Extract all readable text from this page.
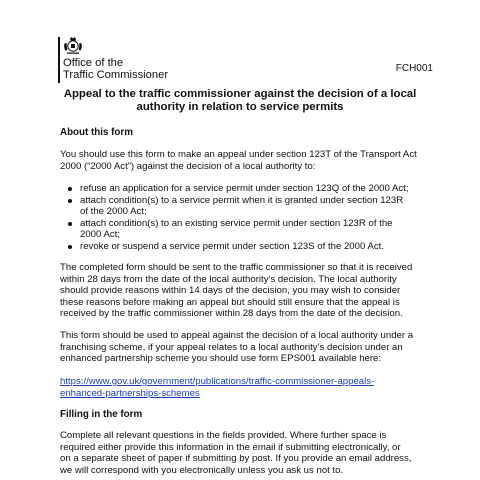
Office of the
Traffic Commissioner
FCH001
Appeal to the traffic commissioner against the decision of a local
authority in relation to service permits
About this form
You should use this form to make an appeal under section 123T of the Transport Act
2000 (“2000 Act”) against the decision of a local authority to:
refuse an application for a service permit under section 123Q of the 2000 Act;
attach condition(s) to a service permit when it is granted under section 123R
of the 2000 Act;
attach condition(s) to an existing service permit under section 123R of the
2000 Act;
revoke or suspend a service permit under section 123S of the 2000 Act.
The completed form should be sent to the traffic commissioner so that it is received
within 28 days from the date of the local authority’s decision. The local authority
should provide reasons within 14 days of the decision, you may wish to consider
these reasons before making an appeal but should still ensure that the appeal is
received by the traffic commissioner within 28 days from the date of the decision.
This form should be used to appeal against the decision of a local authority under a
franchising scheme, if your appeal relates to a local authority’s decision under an
enhanced partnership scheme you should use form EPS001 available here:
https://www.gov.uk/government/publications/traffic-commissioner-appeals-
enhanced-partnerships-schemes
Filling in the form
Complete all relevant questions in the fields provided. Where further space is
required either provide this information in the email if submitting electronically, or
on a separate sheet of paper if submitting by post. If you provide an email address,
we will correspond with you electronically unless you ask us not to.
